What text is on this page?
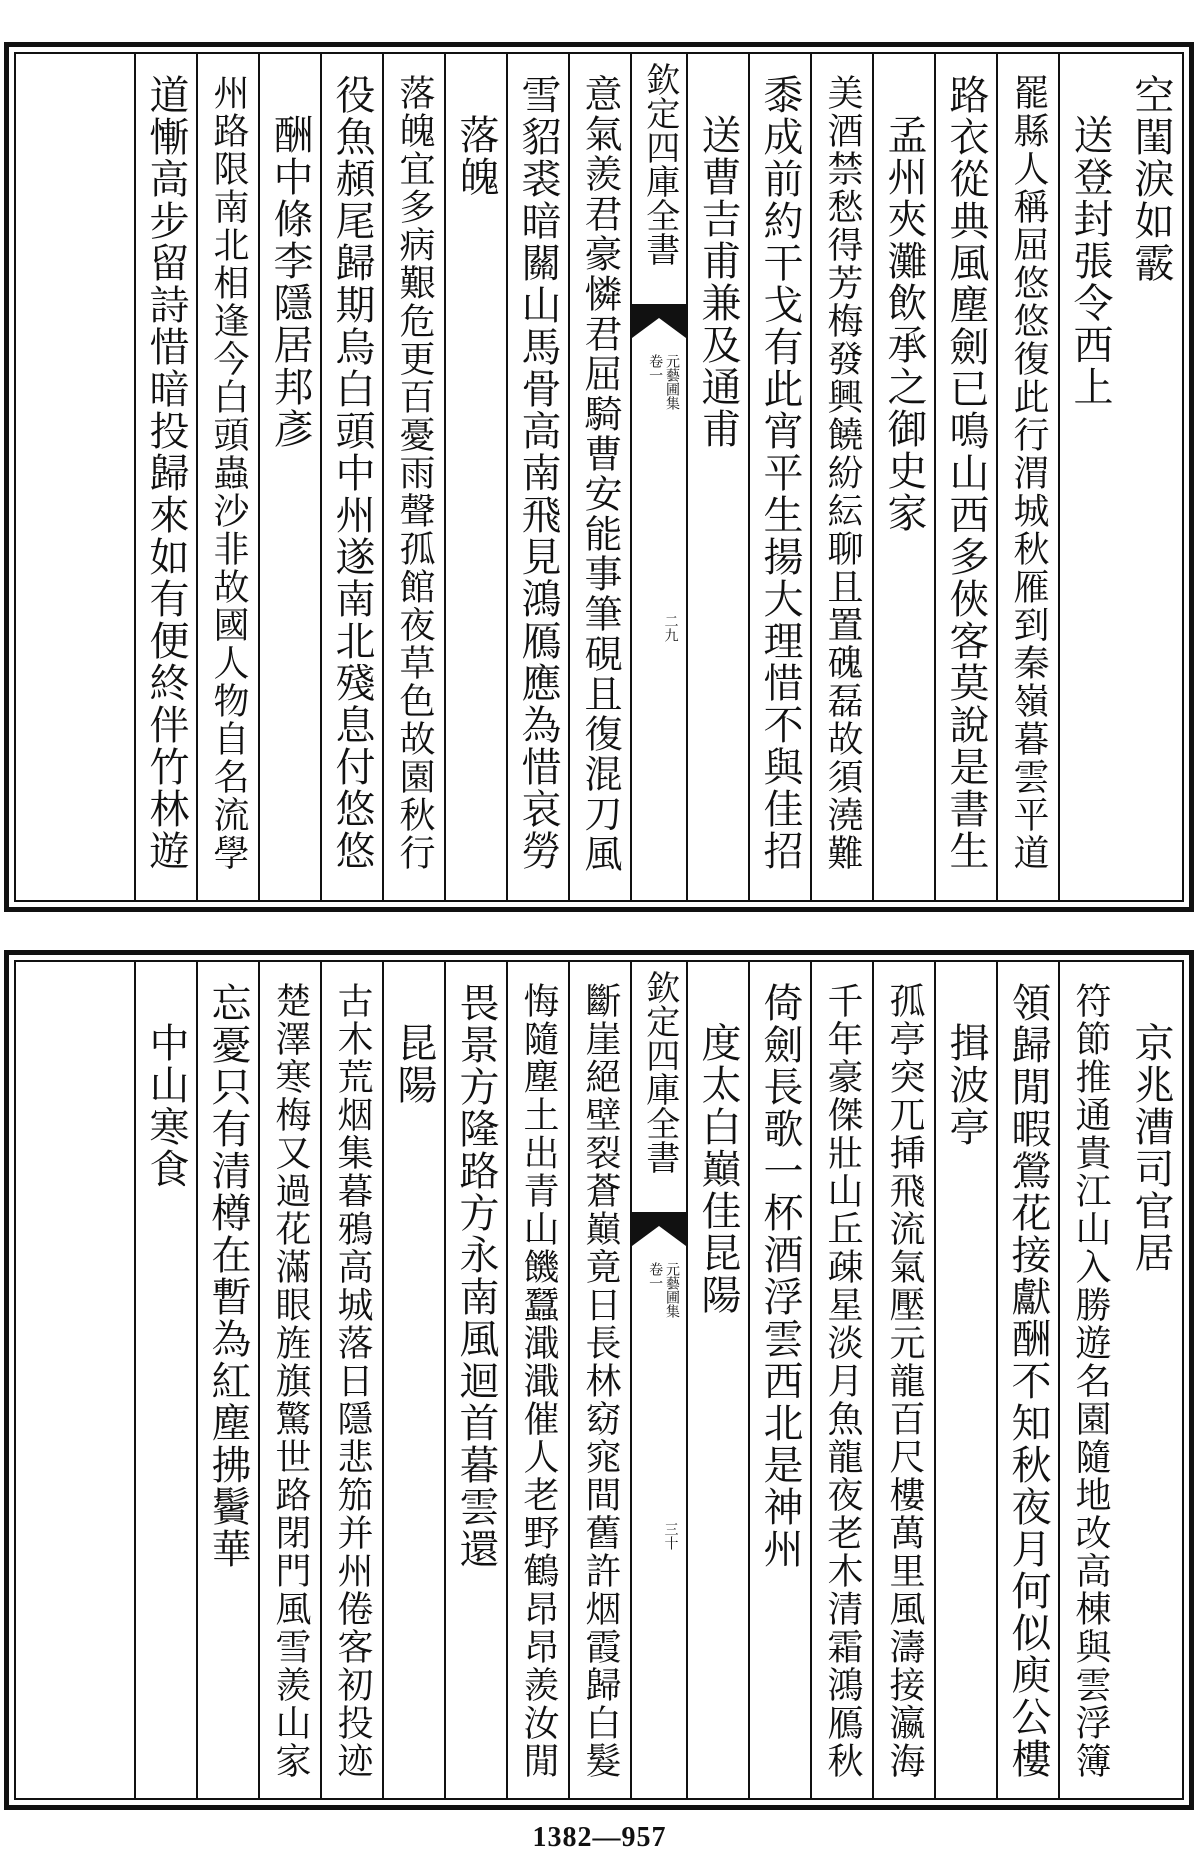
空閨淚如霰
送登封張令西上
罷縣人稱屈悠悠復此行渭城秋雁到秦嶺暮雲平道
路衣從典風塵劍已鳴山西多俠客莫說是書生
孟州夾灘飲承之御史家
美酒禁愁得芳梅發興饒紛紜聊且置磈磊故須澆難
黍成前約干戈有此宵平生揚大理惜不與佳招
送曹吉甫兼及通甫
欽定四庫全書
元藝圃集
卷一
二九
意氣羨君豪憐君屈騎曹安能事筆硯且復混刀風
雪貂裘暗關山馬骨高南飛見鴻鴈應為惜哀勞
落魄
落魄宜多病艱危更百憂雨聲孤館夜草色故園秋行
役魚頳尾歸期烏白頭中州遂南北殘息付悠悠
酬中條李隱居邦彥
州路限南北相逢今白頭蟲沙非故國人物自名流學
道慚高步留詩惜暗投歸來如有便終伴竹林遊
京兆漕司官居
符節推通貴江山入勝遊名園隨地改高棟與雲浮簿
領歸閒暇鶯花接獻酬不知秋夜月何似庾公樓
揖波亭
孤亭突兀挿飛流氣壓元龍百尺樓萬里風濤接瀛海
千年豪傑壯山丘疎星淡月魚龍夜老木清霜鴻鴈秋
倚劍長歌一杯酒浮雲西北是神州
度太白巔佳昆陽
欽定四庫全書
元藝圃集
卷一
三十
斷崖絕壁裂蒼巔竟日長林窈窕間舊許烟霞歸白髮
悔隨塵土出青山饑蠶濈濈催人老野鶴昂昂羨汝閒
畏景方隆路方永南風迴首暮雲還
昆陽
古木荒烟集暮鴉高城落日隱悲笳并州倦客初投迹
楚澤寒梅又過花滿眼旌旗驚世路閉門風雪羨山家
忘憂只有清樽在暫為紅塵拂鬢華
中山寒食
1382—957
